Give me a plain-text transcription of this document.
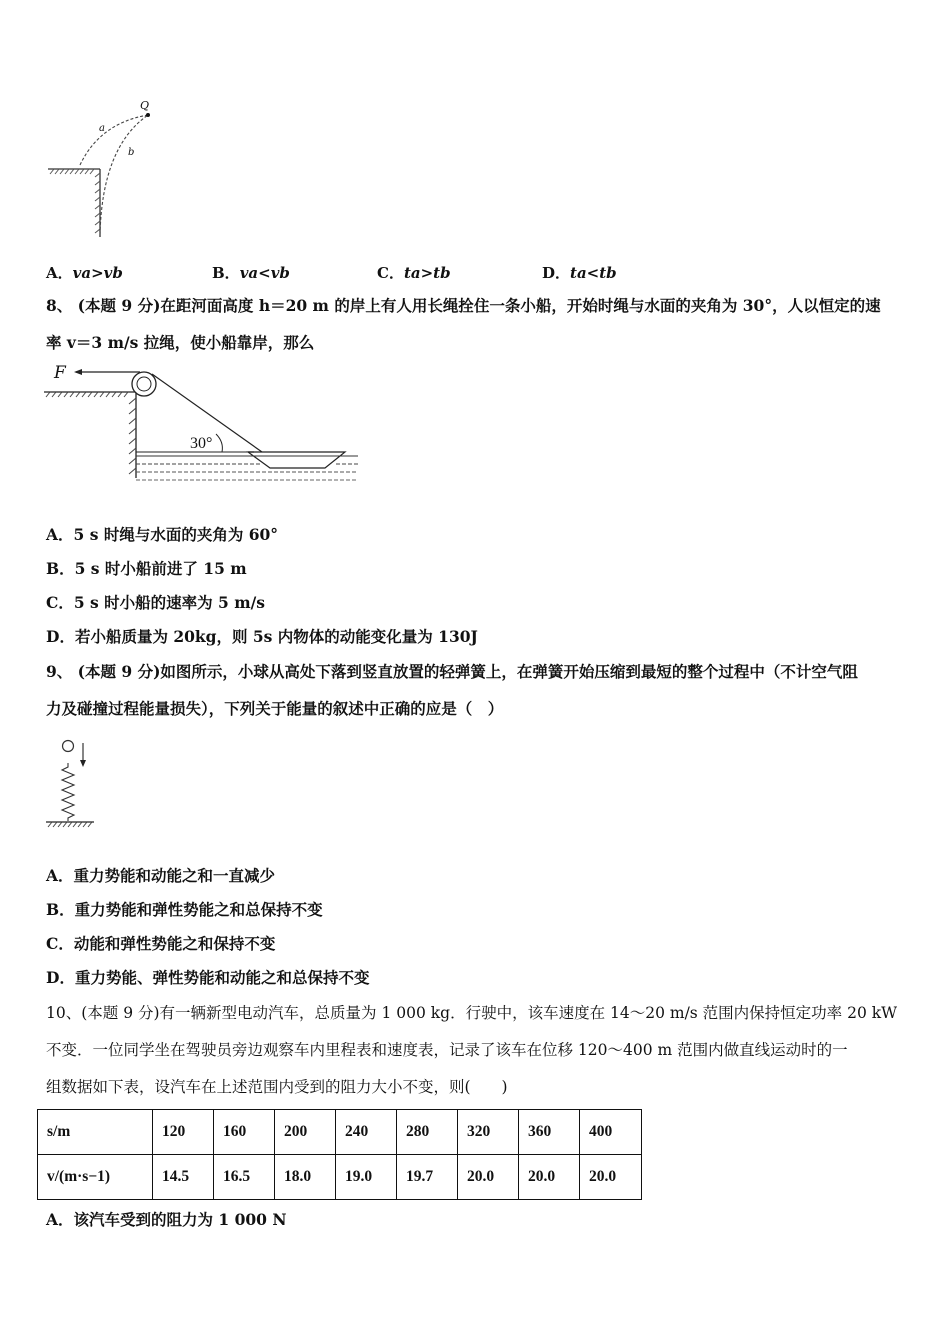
Q
a
b
A．va>vb	B．va<vb	C．ta>tb	D．ta<tb
8、 (本题 9 分)在距河面高度 h＝20 m 的岸上有人用长绳拴住一条小船，开始时绳与水面的夹角为 30°，人以恒定的速
率 v＝3 m/s 拉绳，使小船靠岸，那么
F
30°
A．5 s 时绳与水面的夹角为 60°
B．5 s 时小船前进了 15 m
C．5 s 时小船的速率为 5 m/s
D．若小船质量为 20kg，则 5s 内物体的动能变化量为 130J
9、 (本题 9 分)如图所示，小球从高处下落到竖直放置的轻弹簧上，在弹簧开始压缩到最短的整个过程中（不计空气阻
力及碰撞过程能量损失），下列关于能量的叙述中正确的应是（　）
A．重力势能和动能之和一直减少
B．重力势能和弹性势能之和总保持不变
C．动能和弹性势能之和保持不变
D．重力势能、弹性势能和动能之和总保持不变
10、(本题 9 分)有一辆新型电动汽车，总质量为 1 000 kg．行驶中，该车速度在 14～20 m/s 范围内保持恒定功率 20 kW
不变．一位同学坐在驾驶员旁边观察车内里程表和速度表，记录了该车在位移 120～400 m 范围内做直线运动时的一
组数据如下表，设汽车在上述范围内受到的阻力大小不变，则(　　)
s/m	120	160	200	240	280	320	360	400
v/(m·s−1)	14.5	16.5	18.0	19.0	19.7	20.0	20.0	20.0
A．该汽车受到的阻力为 1 000 N
